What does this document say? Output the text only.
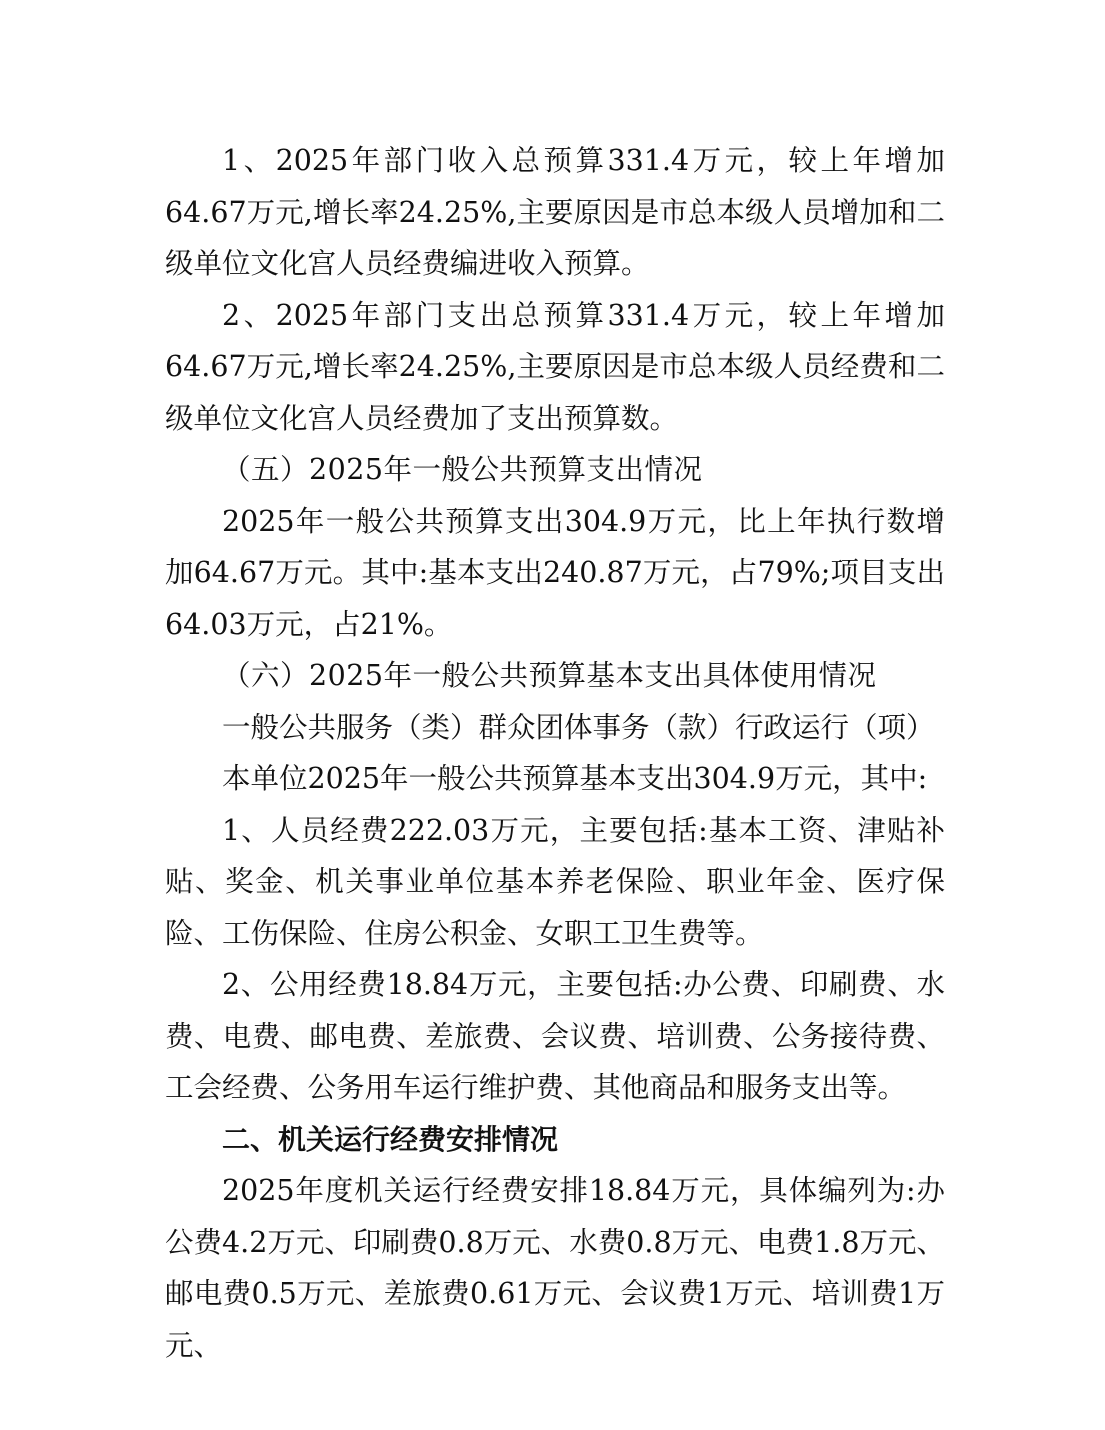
1、2025年部门收入总预算331.4万元，较上年增加64.67万元,增长率24.25%,主要原因是市总本级人员增加和二级单位文化宫人员经费编进收入预算。

2、2025年部门支出总预算331.4万元，较上年增加64.67万元,增长率24.25%,主要原因是市总本级人员经费和二级单位文化宫人员经费加了支出预算数。

（五）2025年一般公共预算支出情况

2025年一般公共预算支出304.9万元，比上年执行数增加64.67万元。其中:基本支出240.87万元，占79%;项目支出64.03万元，占21%。

（六）2025年一般公共预算基本支出具体使用情况

一般公共服务（类）群众团体事务（款）行政运行（项）

本单位2025年一般公共预算基本支出304.9万元，其中:

1、人员经费222.03万元，主要包括:基本工资、津贴补贴、奖金、机关事业单位基本养老保险、职业年金、医疗保险、工伤保险、住房公积金、女职工卫生费等。

2、公用经费18.84万元，主要包括:办公费、印刷费、水费、电费、邮电费、差旅费、会议费、培训费、公务接待费、工会经费、公务用车运行维护费、其他商品和服务支出等。

二、机关运行经费安排情况

2025年度机关运行经费安排18.84万元，具体编列为:办公费4.2万元、印刷费0.8万元、水费0.8万元、电费1.8万元、邮电费0.5万元、差旅费0.61万元、会议费1万元、培训费1万元、
